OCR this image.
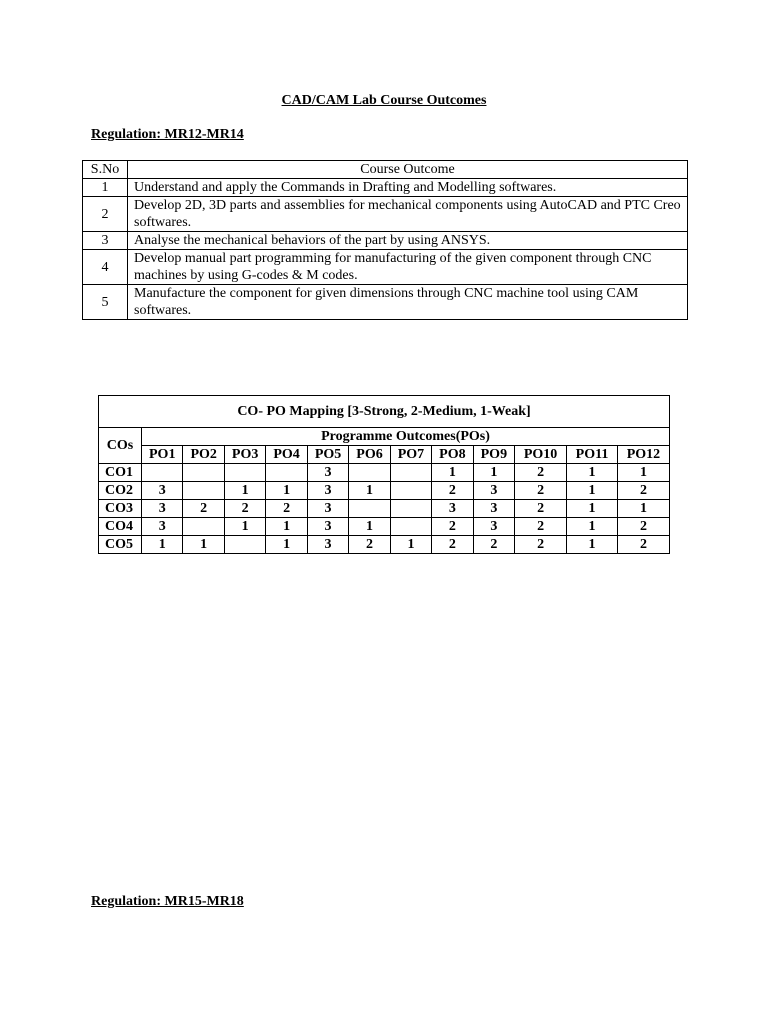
CAD/CAM Lab Course Outcomes
Regulation: MR12-MR14
S.No	Course Outcome
1	Understand and apply the Commands in Drafting and Modelling softwares.
2	Develop 2D, 3D parts and assemblies for mechanical components using AutoCAD and PTC Creo softwares.
3	Analyse the mechanical behaviors of the part by using ANSYS.
4	Develop manual part programming for manufacturing of the given component through CNC machines by using G-codes & M codes.
5	Manufacture the component for given dimensions through CNC machine tool using CAM softwares.
CO- PO Mapping [3-Strong, 2-Medium, 1-Weak]												
COs	Programme Outcomes(POs)											
	PO1	PO2	PO3	PO4	PO5	PO6	PO7	PO8	PO9	PO10	PO11	PO12
CO1					3			1	1	2	1	1
CO2	3		1	1	3	1		2	3	2	1	2
CO3	3	2	2	2	3			3	3	2	1	1
CO4	3		1	1	3	1		2	3	2	1	2
CO5	1	1		1	3	2	1	2	2	2	1	2
Regulation: MR15-MR18
